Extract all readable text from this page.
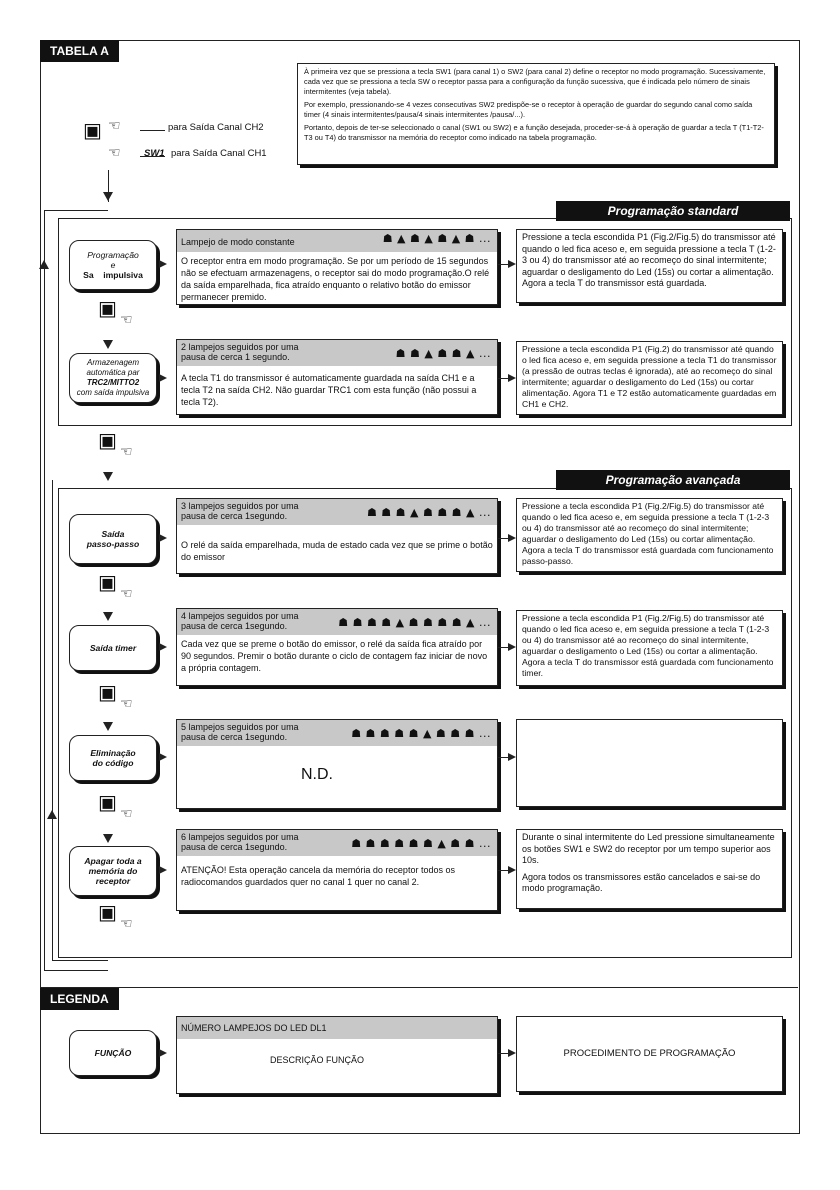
TABELA A

À primeira vez que se pressiona a tecla SW1 (para canal 1) o SW2 (para canal 2) define o receptor no modo programação. Sucessivamente, cada vez que se pressiona a tecla SW o receptor passa para a configuração da função sucessiva, que é indicada pelo número de sinais intermitentes (veja tabela).

Por exemplo, pressionando-se 4 vezes consecutivas SW2 predispõe-se o receptor à operação de guardar do segundo canal como saída timer (4 sinais intermitentes/pausa/4 sinais intermitentes /pausa/...).

Portanto, depois de ter-se seleccionado o canal (SW1 ou SW2) e a função desejada, proceder-se-á à operação de guardar a tecla T (T1-T2-T3 ou T4) do transmissor na memória do receptor como indicado na tabela programação.

▣ ☜
☜
para Saída Canal CH2
SW1 para Saída Canal CH1
Programação standard
Programação
e
Sa impulsiva
Lampejo de modo constante	☗ ▲ ☗ ▲ ☗ ▲ ☗ ...
O receptor entra em modo programação. Se por um período de 15 segundos não se efectuam armazenagens, o receptor sai do modo programação.O relé da saída emparelhada, fica atraído enquanto o relativo botão do emissor permanecer premido.
Pressione a tecla escondida P1 (Fig.2/Fig.5) do transmissor até quando o led fica aceso e, em seguida pressione a tecla T (1-2-3 ou 4) do transmissor até ao recomeço do sinal intermitente; aguardar o desligamento do Led (15s) ou cortar a alimentação. Agora a tecla T do transmissor está guardada.
▣ ☜
Armazenagem
automática par
TRC2/MITTO2
com saída impulsiva
2 lampejos seguidos por uma
pausa de cerca 1 segundo.	☗ ☗ ▲ ☗ ☗ ▲ ...
A tecla T1 do transmissor é automaticamente guardada na saída CH1 e a tecla T2 na saída CH2. Não guardar TRC1 com esta função (não possui a tecla T2).
Pressione a tecla escondida P1 (Fig.2) do transmissor até quando o led fica aceso e, em seguida pressione a tecla T1 do transmissor (a pressão de outras teclas é ignorada), até ao recomeço do sinal intermitente; aguardar o desligamento do Led (15s) ou cortar alimentação. Agora T1 e T2 estão automaticamente guardadas em CH1 e CH2.
▣ ☜
Programação avançada
Saída
passo-passo
3 lampejos seguidos por uma
pausa de cerca 1segundo.	☗ ☗ ☗ ▲ ☗ ☗ ☗ ▲ ...
O relé da saída emparelhada, muda de estado cada vez que se prime o botão do emissor
Pressione a tecla escondida P1 (Fig.2/Fig.5) do transmissor até quando o led fica aceso e, em seguida pressione a tecla T (1-2-3 ou 4) do transmissor até ao recomeço do sinal intermitente; aguardar o desligamento do Led (15s) ou cortar alimentação. Agora a tecla T do transmissor está guardada com funcionamento passo-passo.
▣ ☜
Saída timer
4 lampejos seguidos por uma
pausa de cerca 1segundo.	☗ ☗ ☗ ☗ ▲ ☗ ☗ ☗ ☗ ▲ ...
Cada vez que se preme o botão do emissor, o relé da saída fica atraído por 90 segundos. Premir o botão durante o ciclo de contagem faz iniciar de novo a própria contagem.
Pressione a tecla escondida P1 (Fig.2/Fig.5) do transmissor até quando o led fica aceso e, em seguida pressione a tecla T (1-2-3 ou 4) do transmissor até ao recomeço do sinal intermitente, aguardar o desligamento o Led (15s) ou cortar a alimentação. Agora a tecla T do transmissor está guardada com funcionamento timer.
▣ ☜
Eliminação
do código
5 lampejos seguidos por uma
pausa de cerca 1segundo.	☗ ☗ ☗ ☗ ☗ ▲ ☗ ☗ ☗ ...
N.D.
▣ ☜
Apagar toda a
memória do
receptor
6 lampejos seguidos por uma
pausa de cerca 1segundo.	☗ ☗ ☗ ☗ ☗ ☗ ▲ ☗ ☗ ...
ATENÇÃO! Esta operação cancela da memória do receptor todos os radiocomandos guardados quer no canal 1 quer no canal 2.

Durante o sinal intermitente do Led pressione simultaneamente os botões SW1 e SW2 do receptor por um tempo superior aos 10s.

Agora todos os transmissores estão cancelados e sai-se do modo programação.

▣ ☜
LEGENDA
FUNÇÃO
NÚMERO LAMPEJOS DO LED DL1
DESCRIÇÃO FUNÇÃO
PROCEDIMENTO DE PROGRAMAÇÃO
